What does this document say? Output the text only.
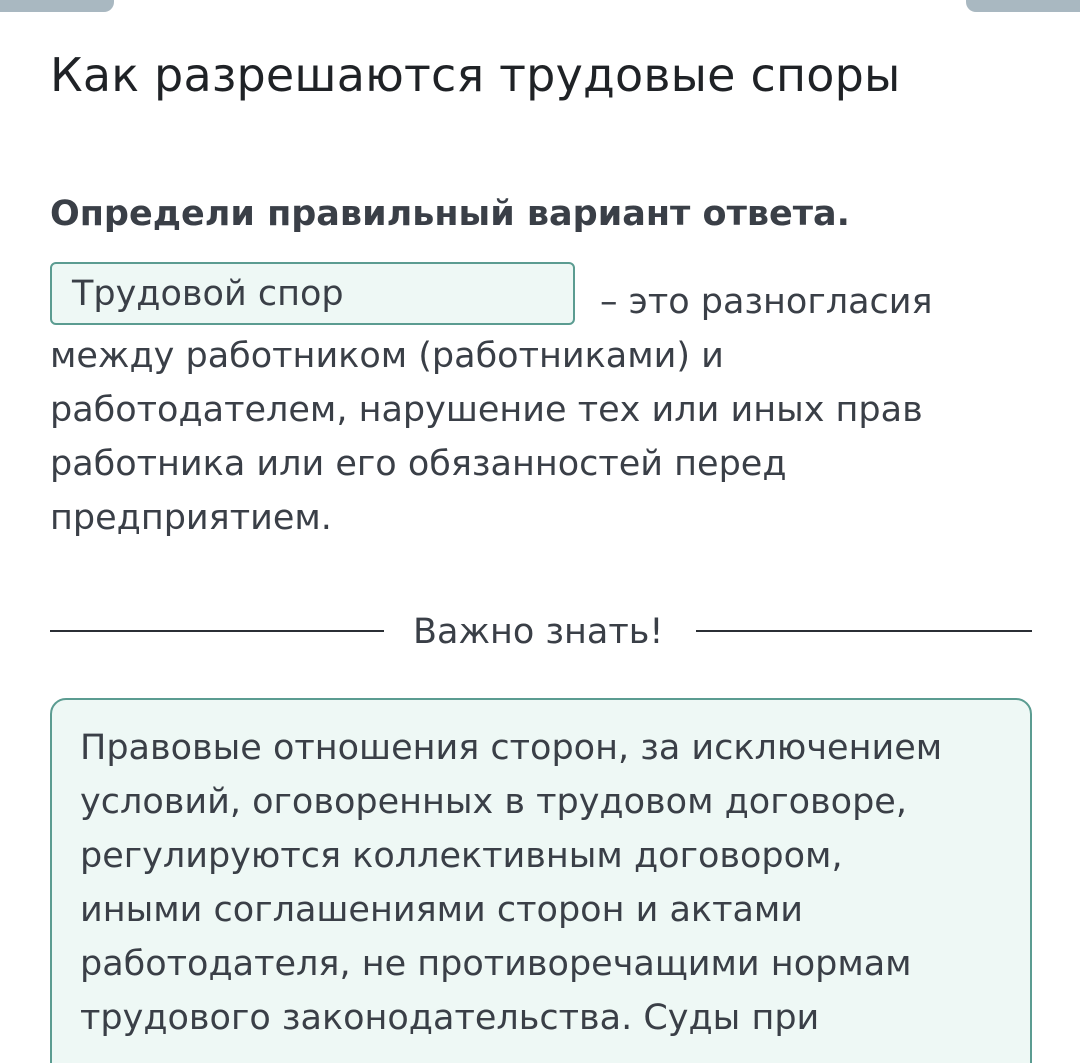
Как разрешаются трудовые споры

Определи правильный вариант ответа.

Трудовой спор	– это разногласия
между работником (работниками) и
работодателем, нарушение тех или иных прав
работника или его обязанностей перед
предприятием.
Важно знать!
Правовые отношения сторон, за исключением
условий, оговоренных в трудовом договоре,
регулируются коллективным договором,
иными соглашениями сторон и актами
работодателя, не противоречащими нормам
трудового законодательства. Суды при
